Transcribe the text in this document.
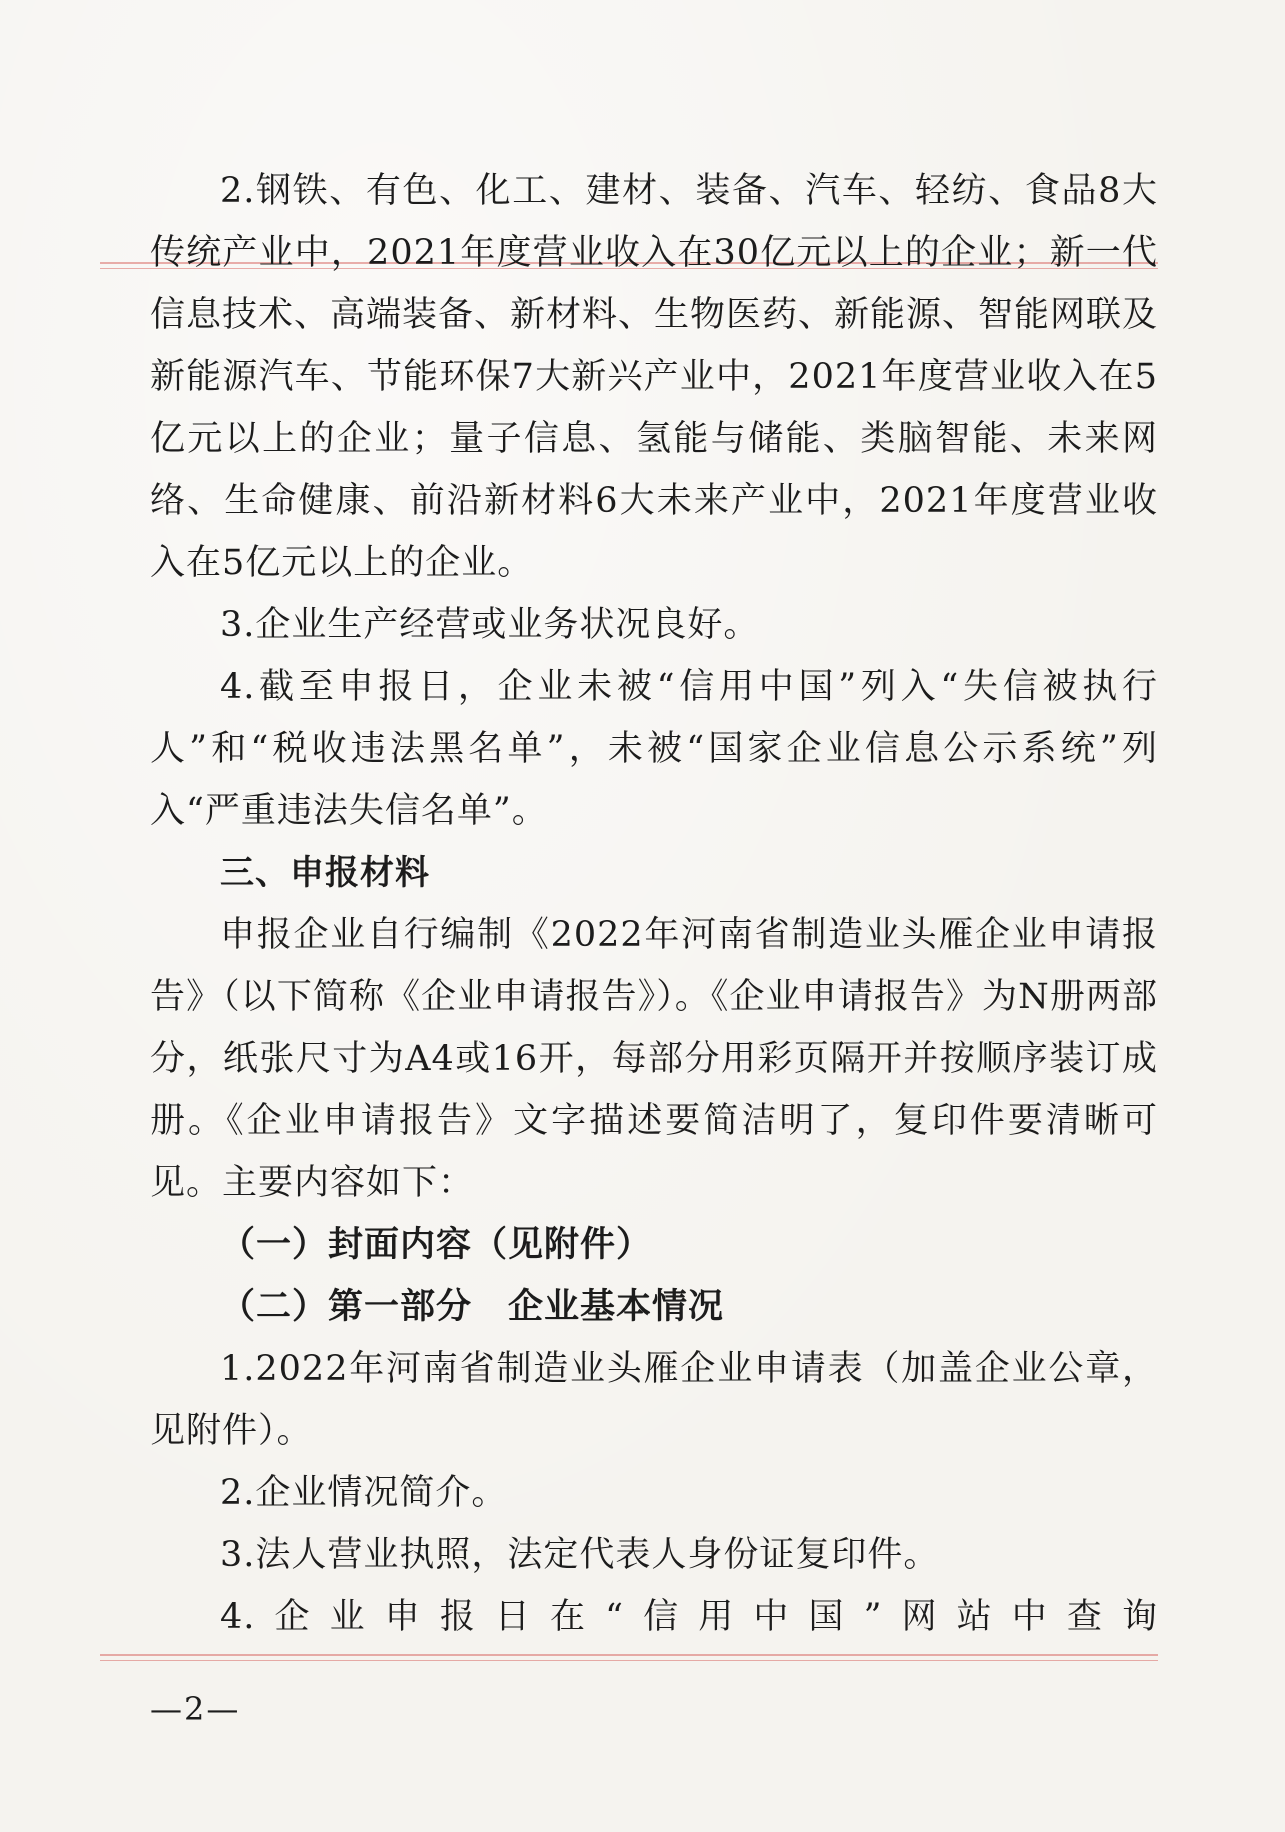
2.钢铁、有色、化工、建材、装备、汽车、轻纺、食品8大传统产业中，2021年度营业收入在30亿元以上的企业；新一代信息技术、高端装备、新材料、生物医药、新能源、智能网联及新能源汽车、节能环保7大新兴产业中，2021年度营业收入在5亿元以上的企业；量子信息、氢能与储能、类脑智能、未来网络、生命健康、前沿新材料6大未来产业中，2021年度营业收入在5亿元以上的企业。
3.企业生产经营或业务状况良好。
4.截至申报日，企业未被“信用中国”列入“失信被执行人”和“税收违法黑名单”，未被“国家企业信息公示系统”列入“严重违法失信名单”。
三、申报材料
申报企业自行编制《2022年河南省制造业头雁企业申请报告》（以下简称《企业申请报告》）。《企业申请报告》为N册两部分，纸张尺寸为A4或16开，每部分用彩页隔开并按顺序装订成册。《企业申请报告》文字描述要简洁明了，复印件要清晰可见。主要内容如下：
（一）封面内容（见附件）
（二）第一部分　企业基本情况
1.2022年河南省制造业头雁企业申请表（加盖企业公章，见附件）。
2.企业情况简介。
3.法人营业执照，法定代表人身份证复印件。
4.企业申报日在“信用中国”网站中查询
—2—
